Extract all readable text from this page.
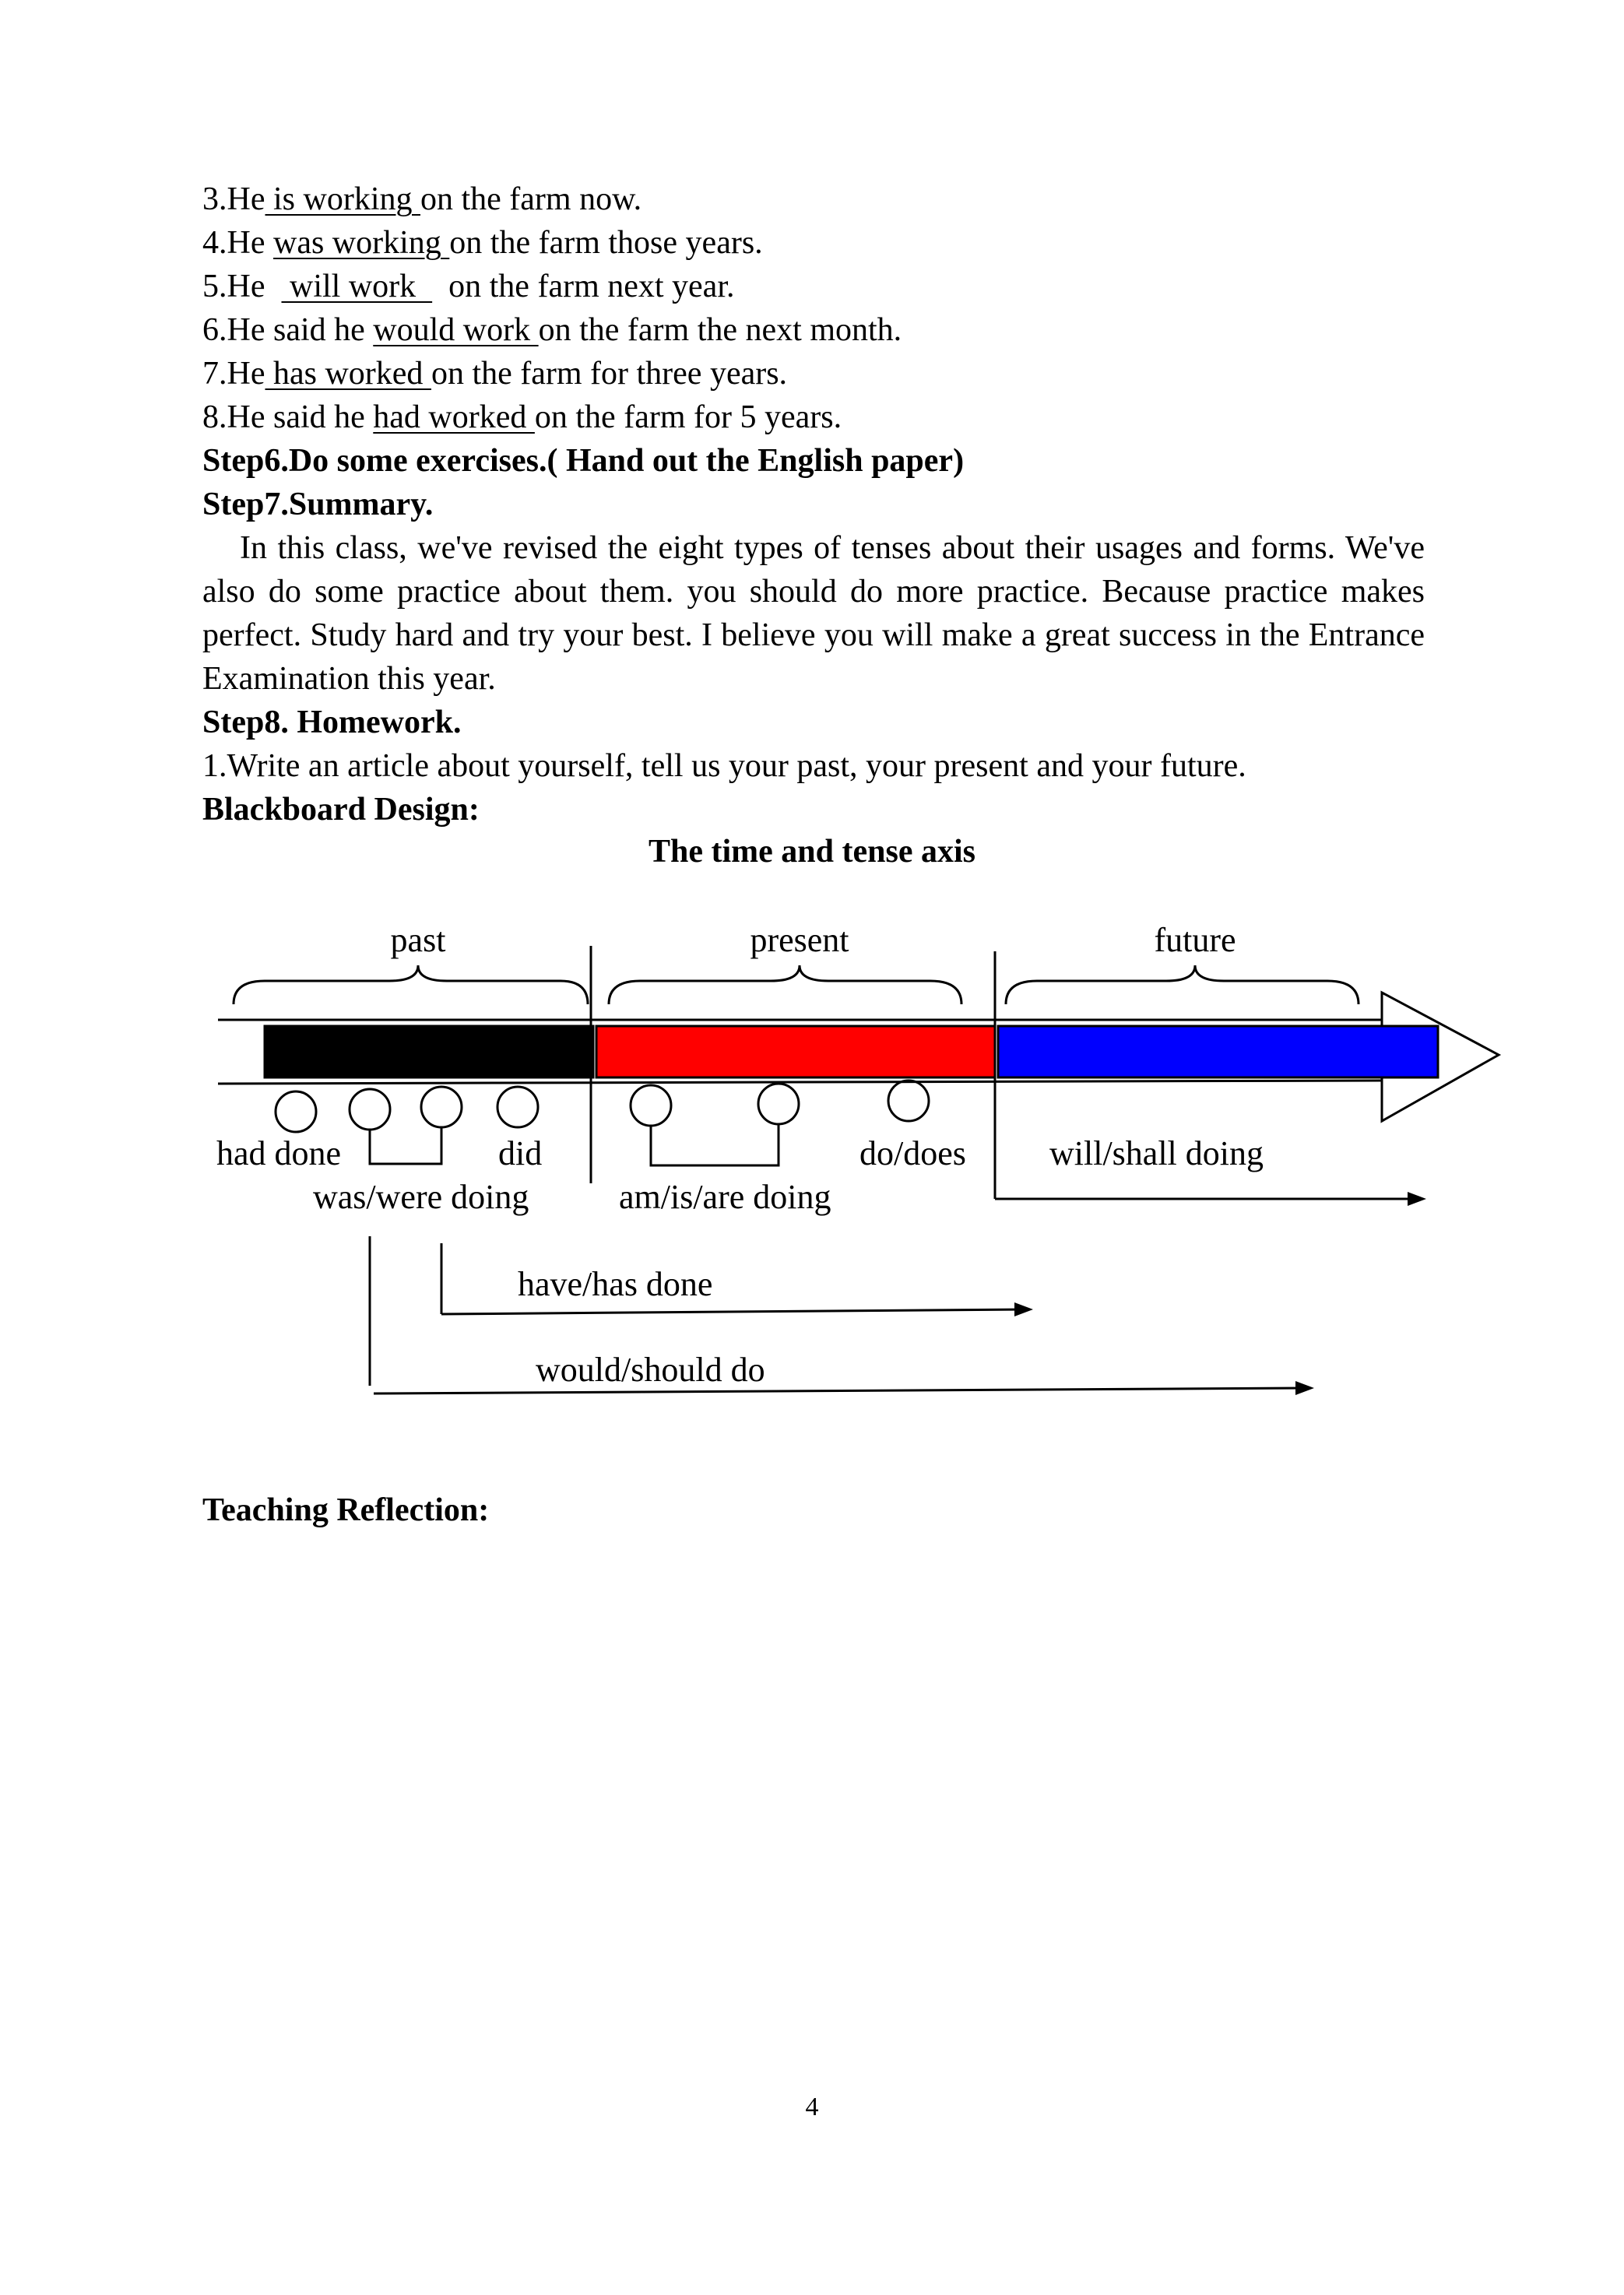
3.He is working on the farm now.
4.He was working on the farm those years.
5.He   will work    on the farm next year.
6.He said he would work on the farm the next month.
7.He has worked on the farm for three years.
8.He said he had worked on the farm for 5 years.
Step6.Do some exercises.( Hand out the English paper)
Step7.Summary.
In this class, we've revised the eight types of tenses about their usages and forms. We've also do some practice about them. you should do more practice. Because practice makes perfect. Study hard and try your best. I believe you will make a great success in the Entrance Examination this year.
Step8. Homework.
1.Write an article about yourself, tell us your past, your present and your future.
Blackboard Design:
The time and tense axis
past	present	future
had done	did
was/were doing	am/is/are doing
do/does will/shall doing
have/has done
would/should do
Teaching Reflection:
4
